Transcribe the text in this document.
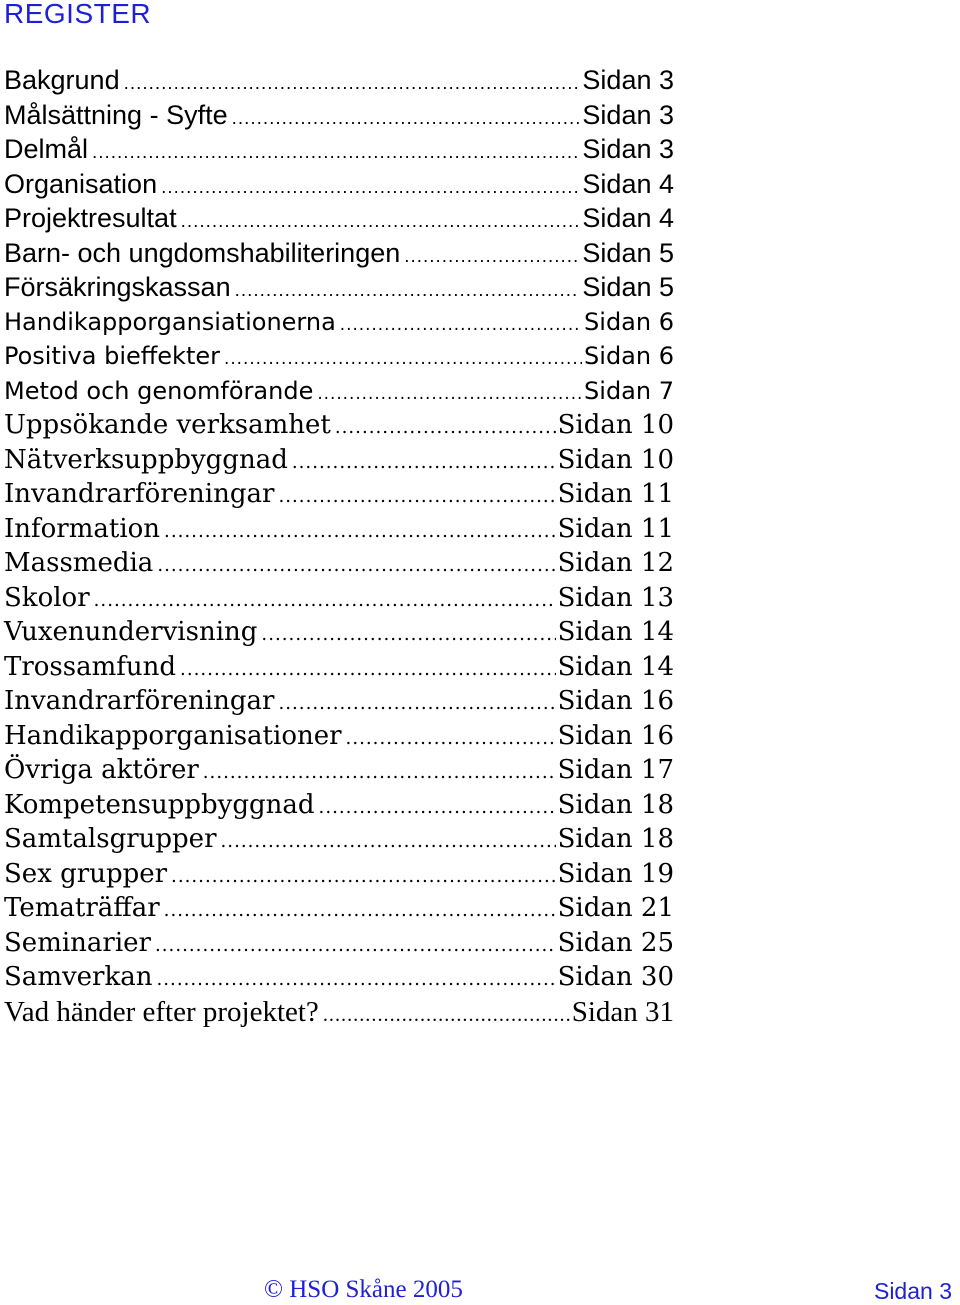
REGISTER
Bakgrund .....	Sidan 3
Målsättning - Syfte .....	Sidan 3
Delmål .....	Sidan 3
Organisation .....	Sidan 4
Projektresultat .....	Sidan 4
Barn- och ungdomshabiliteringen .....	Sidan 5
Försäkringskassan .....	Sidan 5
Handikapporgansiationerna .....	Sidan 6
Positiva bieffekter .....	Sidan 6
Metod och genomförande .....	Sidan 7
Uppsökande verksamhet .....	Sidan 10
Nätverksuppbyggnad .....	Sidan 10
Invandrarföreningar .....	Sidan 11
Information .....	Sidan 11
Massmedia .....	Sidan 12
Skolor .....	Sidan 13
Vuxenundervisning .....	Sidan 14
Trossamfund .....	Sidan 14
Invandrarföreningar .....	Sidan 16
Handikapporganisationer .....	Sidan 16
Övriga aktörer .....	Sidan 17
Kompetensuppbyggnad .....	Sidan 18
Samtalsgrupper .....	Sidan 18
Sex grupper .....	Sidan 19
Tematräffar .....	Sidan 21
Seminarier .....	Sidan 25
Samverkan .....	Sidan 30
Vad händer efter projektet? .....	Sidan 31
© HSO Skåne 2005	Sidan 3
